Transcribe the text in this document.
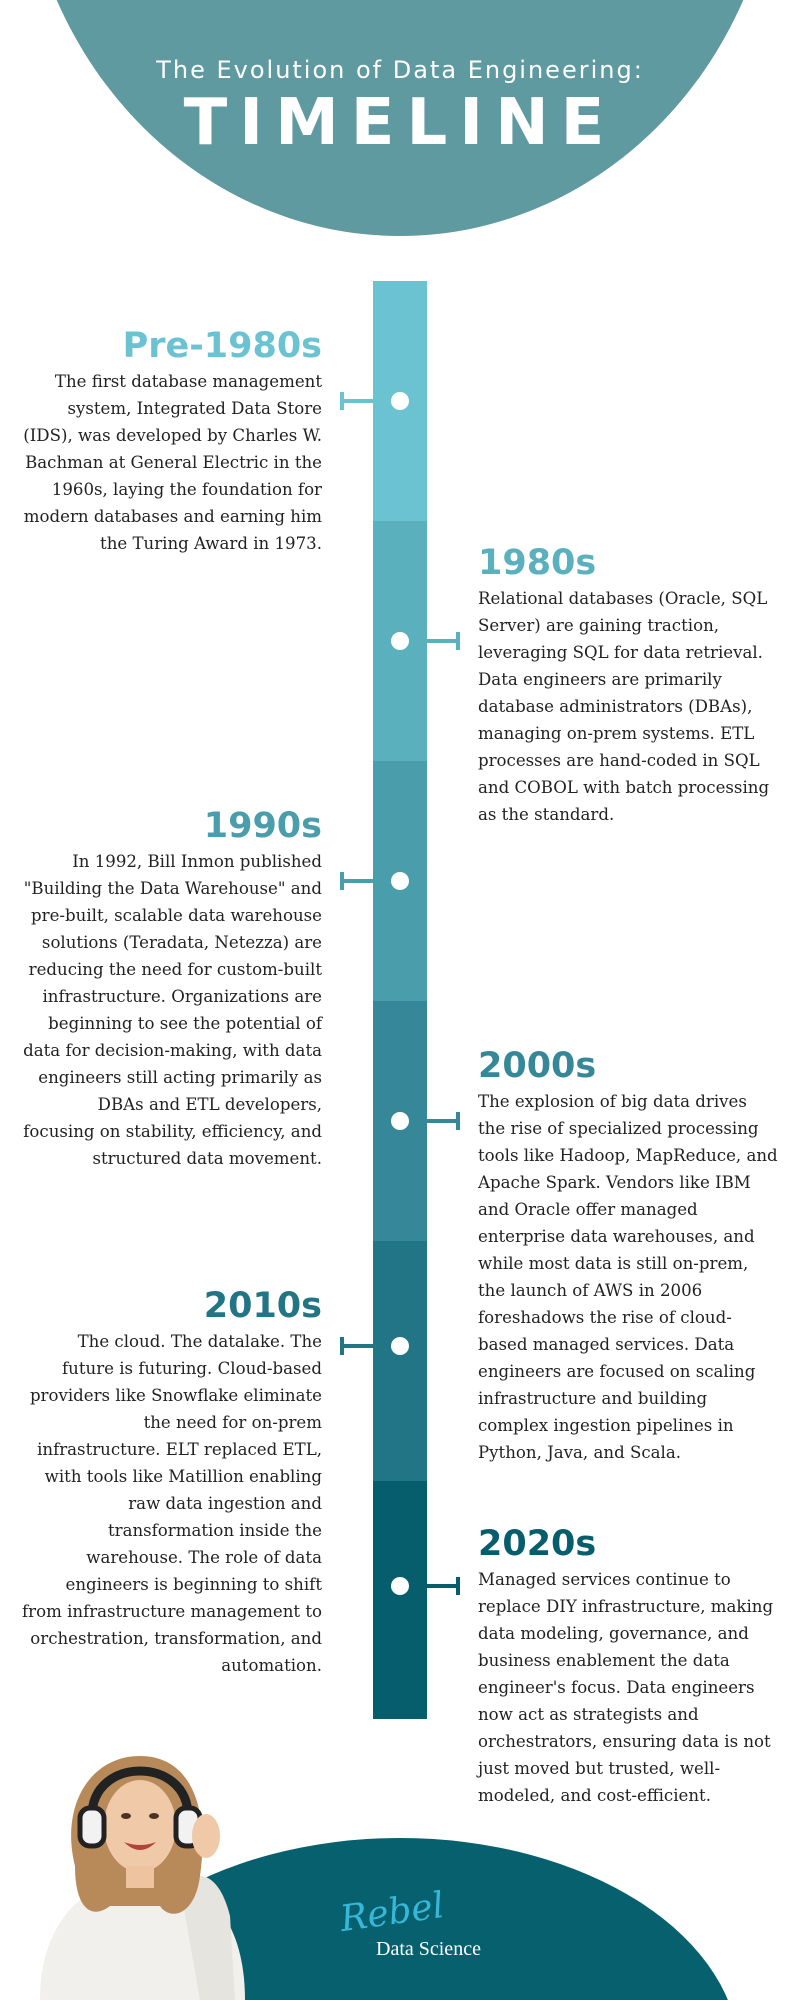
The Evolution of Data Engineering:
TIMELINE
Pre-1980s

The first database management system, Integrated Data Store (IDS), was developed by Charles W. Bachman at General Electric in the 1960s, laying the foundation for modern databases and earning him the Turing Award in 1973.	1980s

Relational databases (Oracle, SQL Server) are gaining traction, leveraging SQL for data retrieval. Data engineers are primarily database administrators (DBAs), managing on-prem systems. ETL processes are hand-coded in SQL and COBOL with batch processing as the standard.

1990s

In 1992, Bill Inmon published "Building the Data Warehouse" and pre-built, scalable data warehouse solutions (Teradata, Netezza) are reducing the need for custom-built infrastructure. Organizations are beginning to see the potential of data for decision-making, with data engineers still acting primarily as DBAs and ETL developers, focusing on stability, efficiency, and structured data movement.

2000s

The explosion of big data drives the rise of specialized processing tools like Hadoop, MapReduce, and Apache Spark. Vendors like IBM and Oracle offer managed enterprise data warehouses, and while most data is still on-prem, the launch of AWS in 2006 foreshadows the rise of cloud-based managed services. Data engineers are focused on scaling infrastructure and building complex ingestion pipelines in Python, Java, and Scala.

2010s

The cloud. The datalake. The future is futuring. Cloud-based providers like Snowflake eliminate the need for on-prem infrastructure. ELT replaced ETL, with tools like Matillion enabling raw data ingestion and transformation inside the warehouse. The role of data engineers is beginning to shift from infrastructure management to orchestration, transformation, and automation.

2020s

Managed services continue to replace DIY infrastructure, making data modeling, governance, and business enablement the data engineer's focus. Data engineers now act as strategists and orchestrators, ensuring data is not just moved but trusted, well-modeled, and cost-efficient.

Rebel
Data Science
